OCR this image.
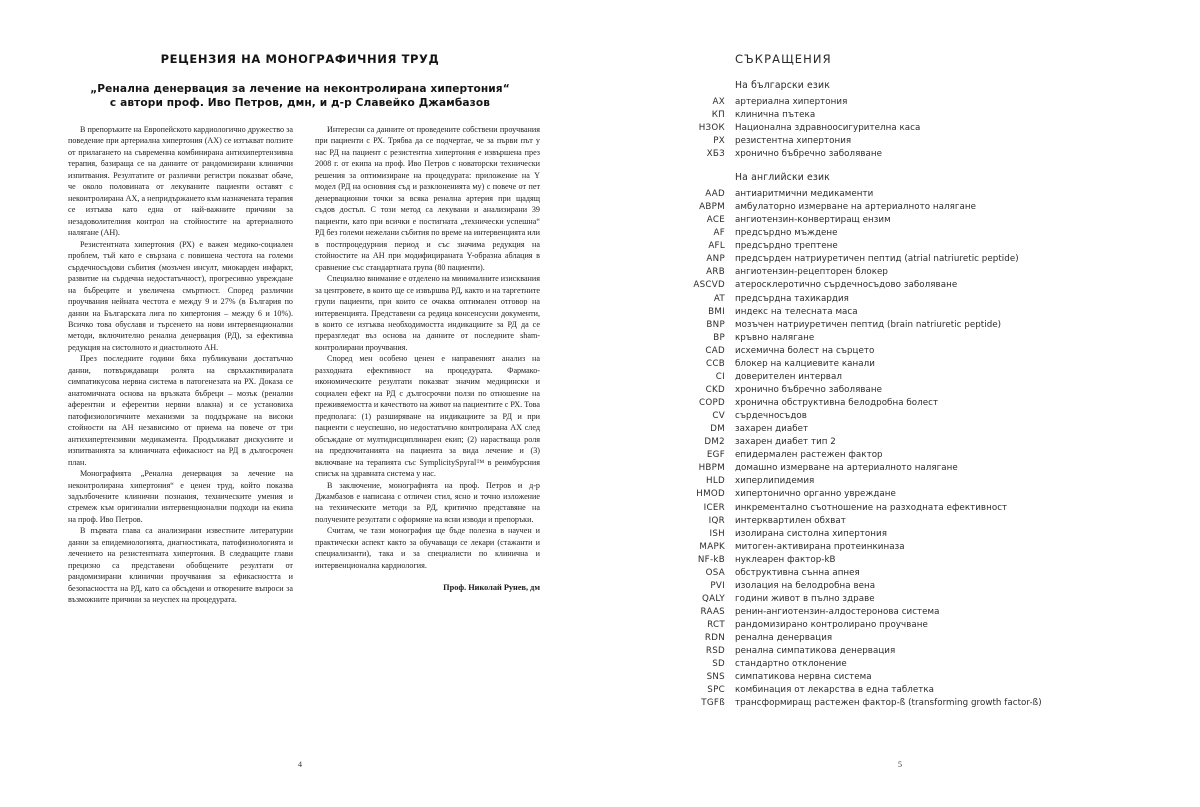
РЕЦЕНЗИЯ НА МОНОГРАФИЧНИЯ ТРУД
„Ренална денервация за лечение на неконтролирана хипертония“
с автори проф. Иво Петров, дмн, и д-р Славейко Джамбазов

В препоръките на Европейското кардиологично дружество за поведение при артериална хипертония (АХ) се изтъкват ползите от прилагането на съвременна комбинирана антихипертензивна терапия, базираща се на данните от рандомизирани клинични изпитвания. Резултатите от различни регистри показват обаче, че около половината от лекуваните пациенти оставят с неконтролирана АХ, а непридържането към назначената терапия се изтъква като една от най-важните причини за незадоволителния контрол на стойностите на артериалното налягане (АН).

Резистентната хипертония (РХ) е важен медико-социален проблем, тъй като е свързана с повишена честота на големи сърдечносъдови събития (мозъчен инсулт, миокарден инфаркт, развитие на сърдечна недостатъчност), прогресивно увреждане на бъбреците и увеличена смъртност. Според различни проучвания нейната честота е между 9 и 27% (в България по данни на Българската лига по хипертония – между 6 и 10%). Всичко това обуславя и търсенето на нови интервенционални методи, включително ренална денервация (РД), за ефективна редукция на систолното и диастолното АН.

През последните години бяха публикувани достатъчно данни, потвърждаващи ролята на свръхактивиралата симпатикусова нервна система в патогенезата на РХ. Доказа се анатомичната основа на връзката бъбреци – мозък (ренални аферентни и еферентни нервни влакна) и се установиха патофизиологичните механизми за поддържане на високи стойности на АН независимо от приема на повече от три антихипертензивни медикамента. Продължават дискусиите и изпитванията за клиничната ефикасност на РД в дългосрочен план.

Монографията „Ренална денервация за лечение на неконтролирана хипертония“ е ценен труд, който показва задълбочените клинични познания, техническите умения и стремеж към оригинални интервенционални подходи на екипа на проф. Иво Петров.

В първата глава са анализирани известните литературни данни за епидемиологията, диагностиката, патофизиологията и лечението на резистентната хипертония. В следващите глави прецизно са представени обобщените резултати от рандомизирани клинични проучвания за ефикасността и безопасността на РД, като са обсъдени и отворените въпроси за възможните причини за неуспех на процедурата.

Интересни са данните от проведените собствени проучвания при пациенти с РХ. Трябва да се подчертае, че за първи път у нас РД на пациент с резистентна хипертония е извършена през 2008 г. от екипа на проф. Иво Петров с новаторски технически решения за оптимизиране на процедурата: приложение на Y модел (РД на основния съд и разклоненията му) с повече от пет денервационни точки за всяка ренална артерия при щадящ съдов достъп. С този метод са лекувани и анализирани 39 пациенти, като при всички е постигната „технически успешна“ РД без големи нежелани събития по време на интервенцията или в постпроцедурния период и със значима редукция на стойностите на АН при модифицираната Y-образна аблация в сравнение със стандартната група (80 пациенти).

Специално внимание е отделено на минималните изисквания за центровете, в които ще се извършва РД, както и на таргетните групи пациенти, при които се очаква оптимален отговор на интервенцията. Представени са редица консенсусни документи, в които се изтъква необходимостта индикациите за РД да се преразгледат въз основа на данните от последните sham-контролирани проучвания.

Според мен особено ценен е направеният анализ на разходната ефективност на процедурата. Фармако-икономическите резултати показват значим медицински и социален ефект на РД с дългосрочни ползи по отношение на преживяемостта и качеството на живот на пациентите с РХ. Това предполага: (1) разширяване на индикациите за РД и при пациенти с неуспешно, но недостатъчно контролирана АХ след обсъждане от мултидисциплинарен екип; (2) нарастваща роля на предпочитанията на пациента за вида лечение и (3) включване на терапията със SymplicitySpyral™ в реимбурсния списък на здравната система у нас.

В заключение, монографията на проф. Петров и д-р Джамбазов е написана с отличен стил, ясно и точно изложение на техническите методи за РД, критично представяне на получените резултати с оформяне на ясни изводи и препоръки.

Считам, че тази монография ще бъде полезна в научен и практически аспект както за обучаващи се лекари (стажанти и специализанти), така и за специалисти по клинична и интервенционална кардиология.

Проф. Николай Рунев, дм

4
СЪКРАЩЕНИЯ
На български език
АХ	артериална хипертония
КП	клинична пътека
НЗОК	Национална здравноосигурителна каса
РХ	резистентна хипертония
ХБЗ	хронично бъбречно заболяване
На английски език
AAD	антиаритмични медикаменти
ABPM	амбулаторно измерване на артериалното налягане
ACE	ангиотензин-конвертиращ ензим
AF	предсърдно мъждене
AFL	предсърдно трептене
ANP	предсърден натриуретичен пептид (atrial natriuretic peptide)
ARB	ангиотензин-рецепторен блокер
ASCVD	атеросклеротично сърдечносъдово заболяване
AT	предсърдна тахикардия
BMI	индекс на телесната маса
BNP	мозъчен натриуретичен пептид (brain natriuretic peptide)
BP	кръвно налягане
CAD	исхемична болест на сърцето
CCB	блокер на калциевите канали
CI	доверителен интервал
CKD	хронично бъбречно заболяване
COPD	хронична обструктивна белодробна болест
CV	сърдечносъдов
DM	захарен диабет
DM2	захарен диабет тип 2
EGF	епидермален растежен фактор
HBPM	домашно измерване на артериалното налягане
HLD	хиперлипидемия
HMOD	хипертонично органно увреждане
ICER	инкрементално съотношение на разходната ефективност
IQR	интерквартилен обхват
ISH	изолирана систолна хипертония
MAPK	митоген-активирана протеинкиназа
NF-kB	нуклеарен фактор-kB
OSA	обструктивна сънна апнея
PVI	изолация на белодробна вена
QALY	години живот в пълно здраве
RAAS	ренин-ангиотензин-алдостеронова система
RCT	рандомизирано контролирано проучване
RDN	ренална денервация
RSD	ренална симпатикова денервация
SD	стандартно отклонение
SNS	симпатикова нервна система
SPC	комбинация от лекарства в една таблетка
TGFß	трансформиращ растежен фактор-ß (transforming growth factor-ß)
5
